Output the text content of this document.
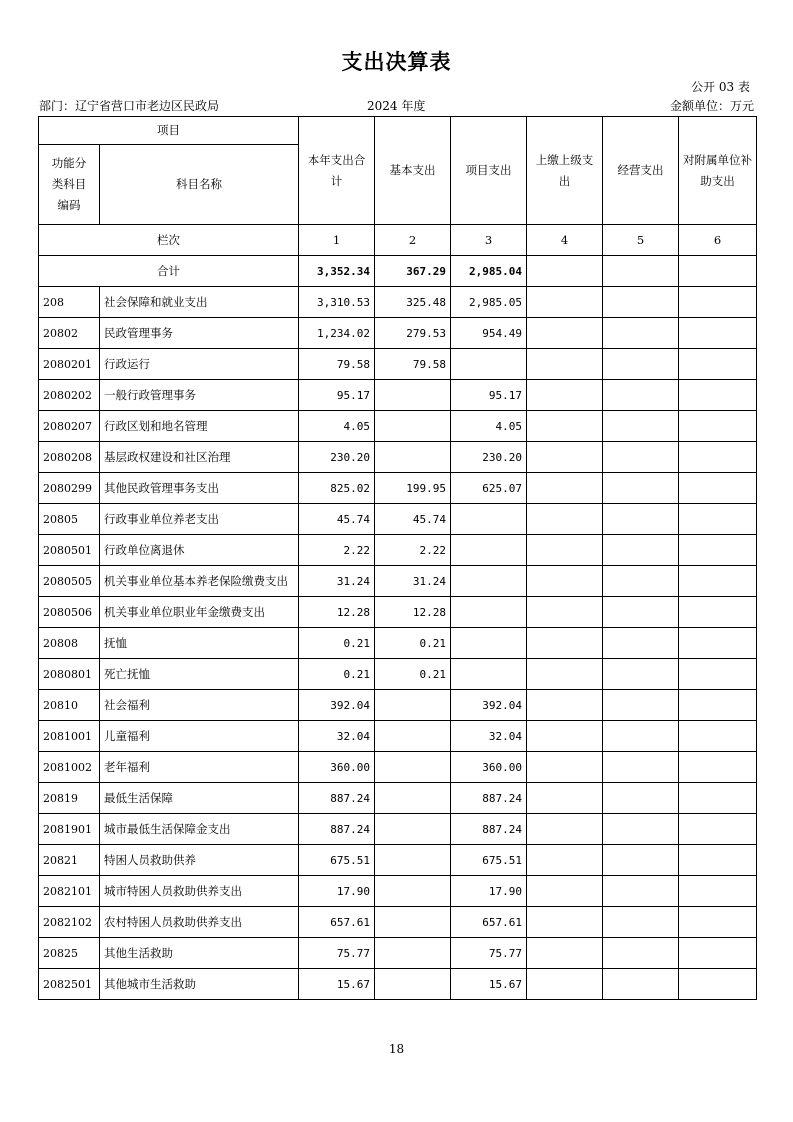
支出决算表
公开 03 表
部门：辽宁省营口市老边区民政局	2024 年度	金额单位：万元
项目		本年支出合计	基本支出	项目支出	上缴上级支出	经营支出	对附属单位补助支出
功能分类科目编码	科目名称						
栏次		1	2	3	4	5	6
合计		3,352.34	367.29	2,985.04			
208	社会保障和就业支出	3,310.53	325.48	2,985.05			
20802	民政管理事务	1,234.02	279.53	954.49			
2080201	行政运行	79.58	79.58				
2080202	一般行政管理事务	95.17		95.17			
2080207	行政区划和地名管理	4.05		4.05			
2080208	基层政权建设和社区治理	230.20		230.20			
2080299	其他民政管理事务支出	825.02	199.95	625.07			
20805	行政事业单位养老支出	45.74	45.74				
2080501	行政单位离退休	2.22	2.22				
2080505	机关事业单位基本养老保险缴费支出	31.24	31.24				
2080506	机关事业单位职业年金缴费支出	12.28	12.28				
20808	抚恤	0.21	0.21				
2080801	死亡抚恤	0.21	0.21				
20810	社会福利	392.04		392.04			
2081001	儿童福利	32.04		32.04			
2081002	老年福利	360.00		360.00			
20819	最低生活保障	887.24		887.24			
2081901	城市最低生活保障金支出	887.24		887.24			
20821	特困人员救助供养	675.51		675.51			
2082101	城市特困人员救助供养支出	17.90		17.90			
2082102	农村特困人员救助供养支出	657.61		657.61			
20825	其他生活救助	75.77		75.77			
2082501	其他城市生活救助	15.67		15.67			
18
